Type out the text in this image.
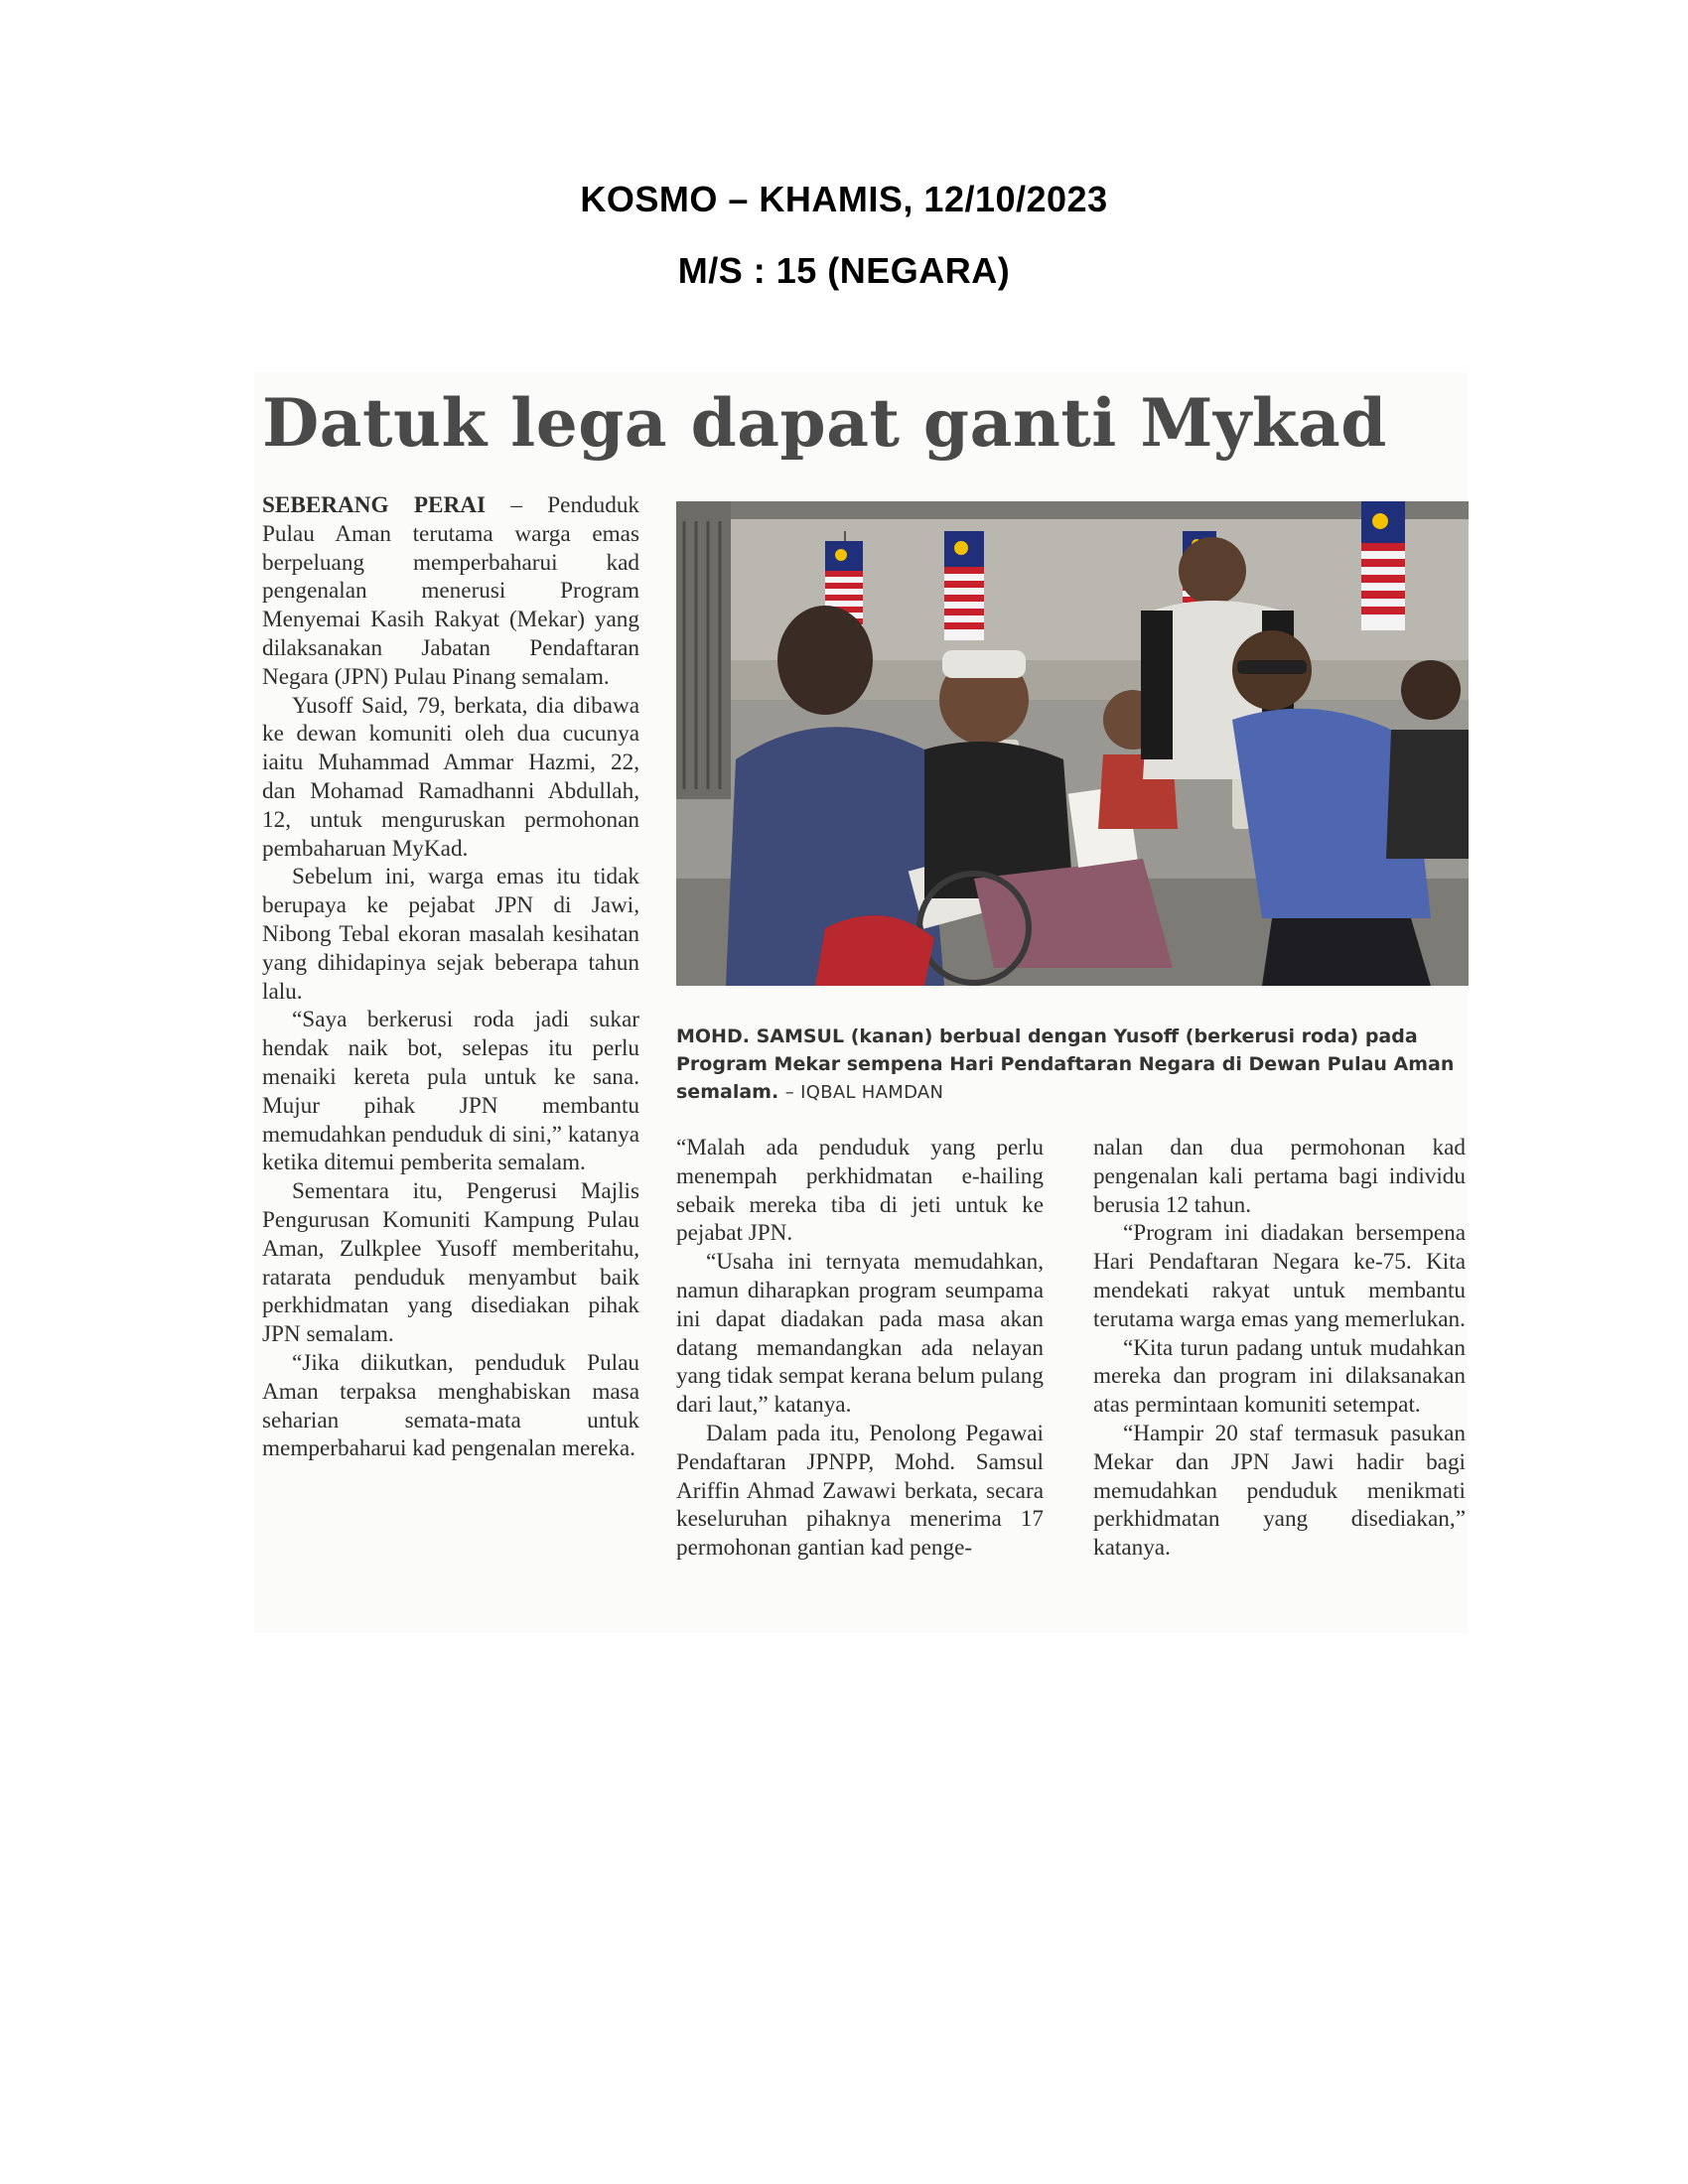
KOSMO – KHAMIS, 12/10/2023
M/S : 15 (NEGARA)
Datuk lega dapat ganti Mykad

SEBERANG PERAI – Penduduk Pulau Aman terutama warga emas berpeluang memperbaharui kad pengenalan menerusi Program Menyemai Kasih Rakyat (Mekar) yang dilaksanakan Jabatan Pendaftaran Negara (JPN) Pulau Pinang semalam.

Yusoff Said, 79, berkata, dia dibawa ke dewan komuniti oleh dua cucunya iaitu Muhammad Ammar Hazmi, 22, dan Mohamad Ramadhanni Abdullah, 12, untuk menguruskan permohonan pembaharuan MyKad.

Sebelum ini, warga emas itu tidak berupaya ke pejabat JPN di Jawi, Nibong Tebal ekoran masalah kesihatan yang dihidapinya sejak beberapa tahun lalu.

“Saya berkerusi roda jadi sukar hendak naik bot, selepas itu perlu menaiki kereta pula untuk ke sana. Mujur pihak JPN membantu memudahkan penduduk di sini,” katanya ketika ditemui pemberita semalam.

Sementara itu, Pengerusi Majlis Pengurusan Komuniti Kampung Pulau Aman, Zulkplee Yusoff memberitahu, ratarata penduduk menyambut baik perkhidmatan yang disediakan pihak JPN semalam.

“Jika diikutkan, penduduk Pulau Aman terpaksa menghabiskan masa seharian semata-mata untuk memperbaharui kad pengenalan mereka.

MOHD. SAMSUL (kanan) berbual dengan Yusoff (berkerusi roda) pada Program Mekar sempena Hari Pendaftaran Negara di Dewan Pulau Aman semalam. – IQBAL HAMDAN

“Malah ada penduduk yang perlu menempah perkhidmatan e-hailing sebaik mereka tiba di jeti untuk ke pejabat JPN.

“Usaha ini ternyata memudahkan, namun diharapkan program seumpama ini dapat diadakan pada masa akan datang memandangkan ada nelayan yang tidak sempat kerana belum pulang dari laut,” katanya.

Dalam pada itu, Penolong Pegawai Pendaftaran JPNPP, Mohd. Samsul Ariffin Ahmad Zawawi berkata, secara keseluruhan pihaknya menerima 17 permohonan gantian kad penge-

nalan dan dua permohonan kad pengenalan kali pertama bagi individu berusia 12 tahun.

“Program ini diadakan bersempena Hari Pendaftaran Negara ke-75. Kita mendekati rakyat untuk membantu terutama warga emas yang memerlukan.

“Kita turun padang untuk mudahkan mereka dan program ini dilaksanakan atas permintaan komuniti setempat.

“Hampir 20 staf termasuk pasukan Mekar dan JPN Jawi hadir bagi memudahkan penduduk menikmati perkhidmatan yang disediakan,” katanya.
